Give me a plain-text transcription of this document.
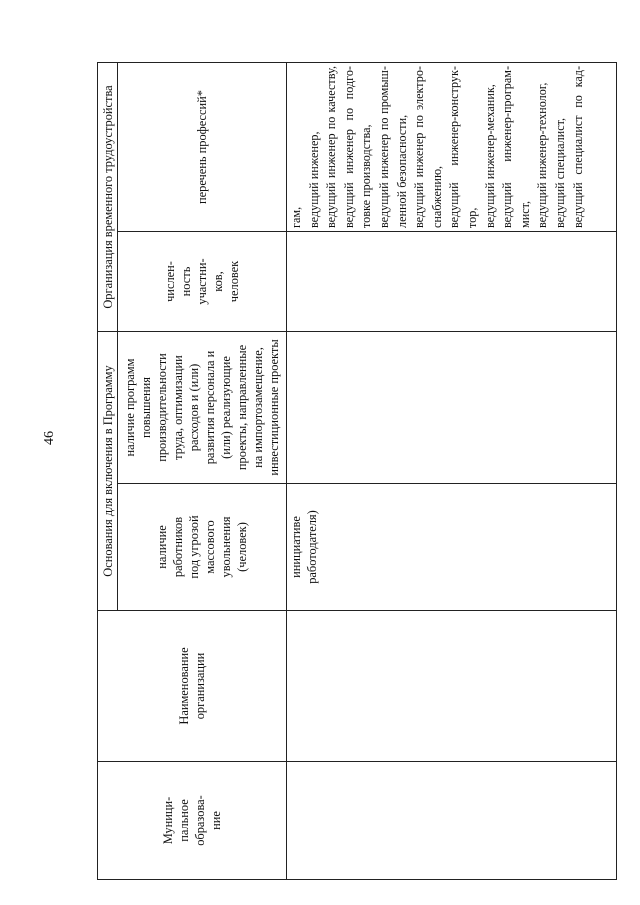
46
Муници- пальное образова- ние
Наименование организации
Основания для включения в Программу	наличие работников под угрозой массового увольнения (человек)
наличие программ повышения производительности труда, оптимизации расходов и (или) развития персонала и (или) реализующие проекты, направленные на импортозамещение, инвестиционные проекты
Организация временного трудоустройства	числен- ность участни- ков, человек
перечень профессий*
инициативе работодателя)
гам, ведущий инженер, ведущий инженер по качеству, ведущий инженер по подго- товке производства, ведущий инженер по промыш- ленной безопасности, ведущий инженер по электро- снабжению, ведущий инженер-конструк- тор, ведущий инженер-механик, ведущий инженер-програм- мист, ведущий инженер-технолог, ведущий специалист, ведущий специалист по кад-
